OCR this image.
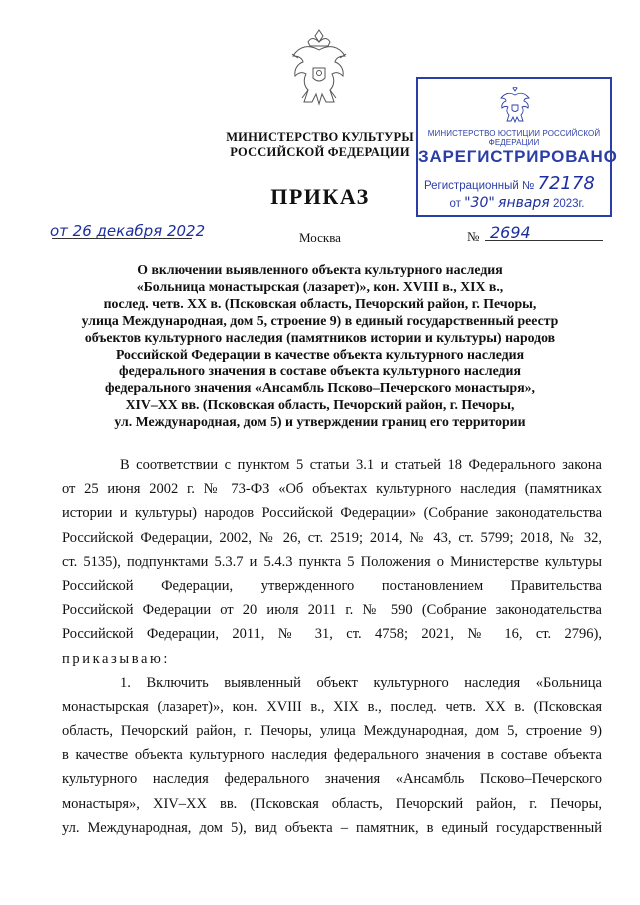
МИНИСТЕРСТВО КУЛЬТУРЫ
РОССИЙСКОЙ ФЕДЕРАЦИИ
ПРИКАЗ
МИНИСТЕРСТВО ЮСТИЦИИ РОССИЙСКОЙ ФЕДЕРАЦИИ
ЗАРЕГИСТРИРОВАНО
Регистрационный № 72178
от "30" января 2023г.
от 26 декабря 2022	Москва	№ 2694
О включении выявленного объекта культурного наследия
«Больница монастырская (лазарет)», кон. XVIII в., XIX в.,
послед. четв. XX в. (Псковская область, Печорский район, г. Печоры,
улица Международная, дом 5, строение 9) в единый государственный реестр
объектов культурного наследия (памятников истории и культуры) народов
Российской Федерации в качестве объекта культурного наследия
федерального значения в составе объекта культурного наследия
федерального значения «Ансамбль Псково–Печерского монастыря»,
XIV–XX вв. (Псковская область, Печорский район, г. Печоры,
ул. Международная, дом 5) и утверждении границ его территории
В соответствии с пунктом 5 статьи 3.1 и статьей 18 Федерального закона
от 25 июня 2002 г. № 73-ФЗ «Об объектах культурного наследия (памятниках
истории и культуры) народов Российской Федерации» (Собрание законодательства
Российской Федерации, 2002, № 26, ст. 2519; 2014, № 43, ст. 5799; 2018, № 32,
ст. 5135), подпунктами 5.3.7 и 5.4.3 пункта 5 Положения о Министерстве культуры
Российской Федерации, утвержденного постановлением Правительства
Российской Федерации от 20 июля 2011 г. № 590 (Собрание законодательства
Российской Федерации, 2011, № 31, ст. 4758; 2021, № 16, ст. 2796),
приказываю:
1. Включить выявленный объект культурного наследия «Больница
монастырская (лазарет)», кон. XVIII в., XIX в., послед. четв. XX в. (Псковская
область, Печорский район, г. Печоры, улица Международная, дом 5, строение 9)
в качестве объекта культурного наследия федерального значения в составе объекта
культурного наследия федерального значения «Ансамбль Псково–Печерского
монастыря», XIV–XX вв. (Псковская область, Печорский район, г. Печоры,
ул. Международная, дом 5), вид объекта – памятник, в единый государственный
